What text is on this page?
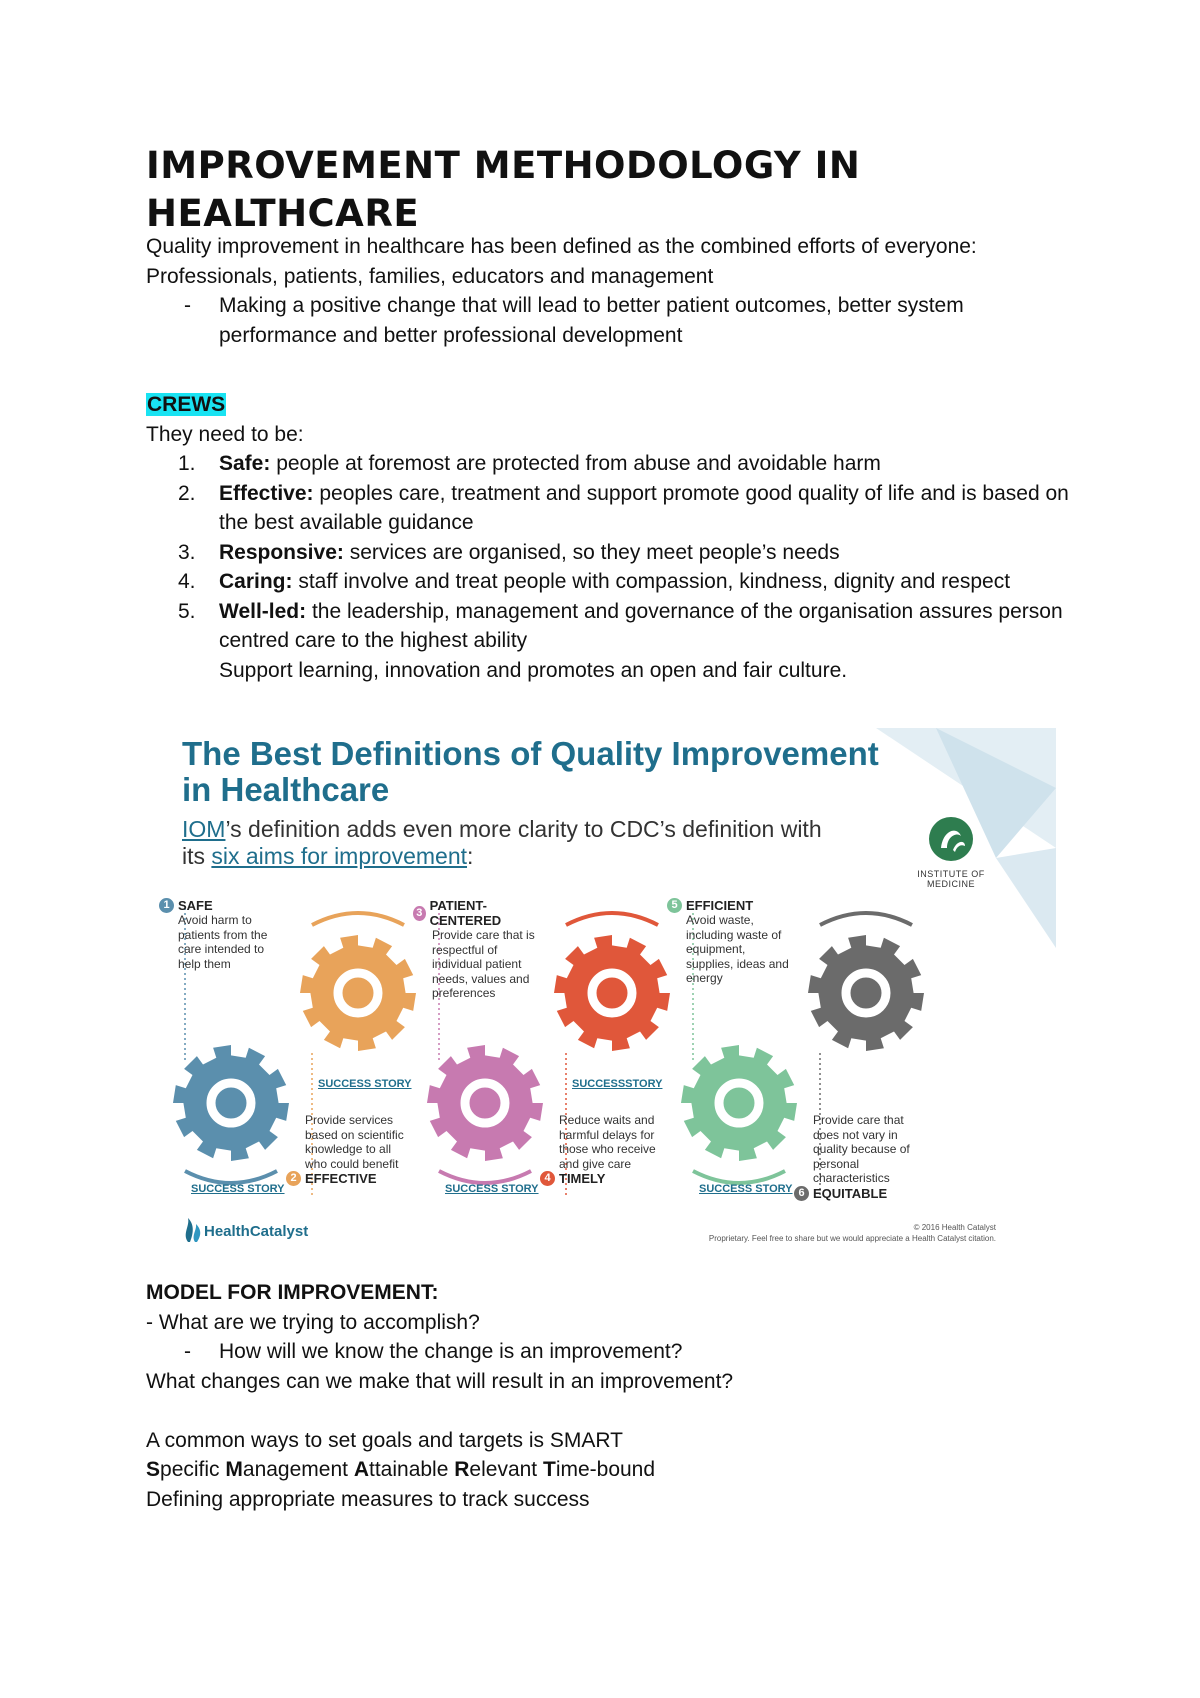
IMPROVEMENT METHODOLOGY IN HEALTHCARE
Quality improvement in healthcare has been defined as the combined efforts of everyone:
Professionals, patients, families, educators and management
- Making a positive change that will lead to better patient outcomes, better system performance and better professional development
CREWS
They need to be:
1. Safe: people at foremost are protected from abuse and avoidable harm
2. Effective: peoples care, treatment and support promote good quality of life and is based on the best available guidance
3. Responsive: services are organised, so they meet people’s needs
4. Caring: staff involve and treat people with compassion, kindness, dignity and respect
5. Well-led: the leadership, management and governance of the organisation assures person centred care to the highest ability
Support learning, innovation and promotes an open and fair culture.
The Best Definitions of Quality Improvement
in Healthcare
IOM’s definition adds even more clarity to CDC’s definition with
its six aims for improvement:
INSTITUTE OF MEDICINE
1 SAFE
Avoid harm to patients from the care intended to help them
Provide services based on scientific knowledge to all who could benefit
2 EFFECTIVE
3 PATIENT-CENTERED
Provide care that is respectful of individual patient needs, values and preferences
Reduce waits and harmful delays for those who receive and give care
4 TIMELY
5 EFFICIENT
Avoid waste, including waste of equipment, supplies, ideas and energy
Provide care that does not vary in quality because of personal characteristics
6 EQUITABLE
SUCCESS STORY
SUCCESS STORY
SUCCESS STORY
SUCCESSSTORY
SUCCESS STORY
HealthCatalyst	© 2016 Health Catalyst
Proprietary. Feel free to share but we would appreciate a Health Catalyst citation.
MODEL FOR IMPROVEMENT:
- What are we trying to accomplish?
- How will we know the change is an improvement?
What changes can we make that will result in an improvement?
A common ways to set goals and targets is SMART
Specific Management Attainable Relevant Time-bound
Defining appropriate measures to track success
